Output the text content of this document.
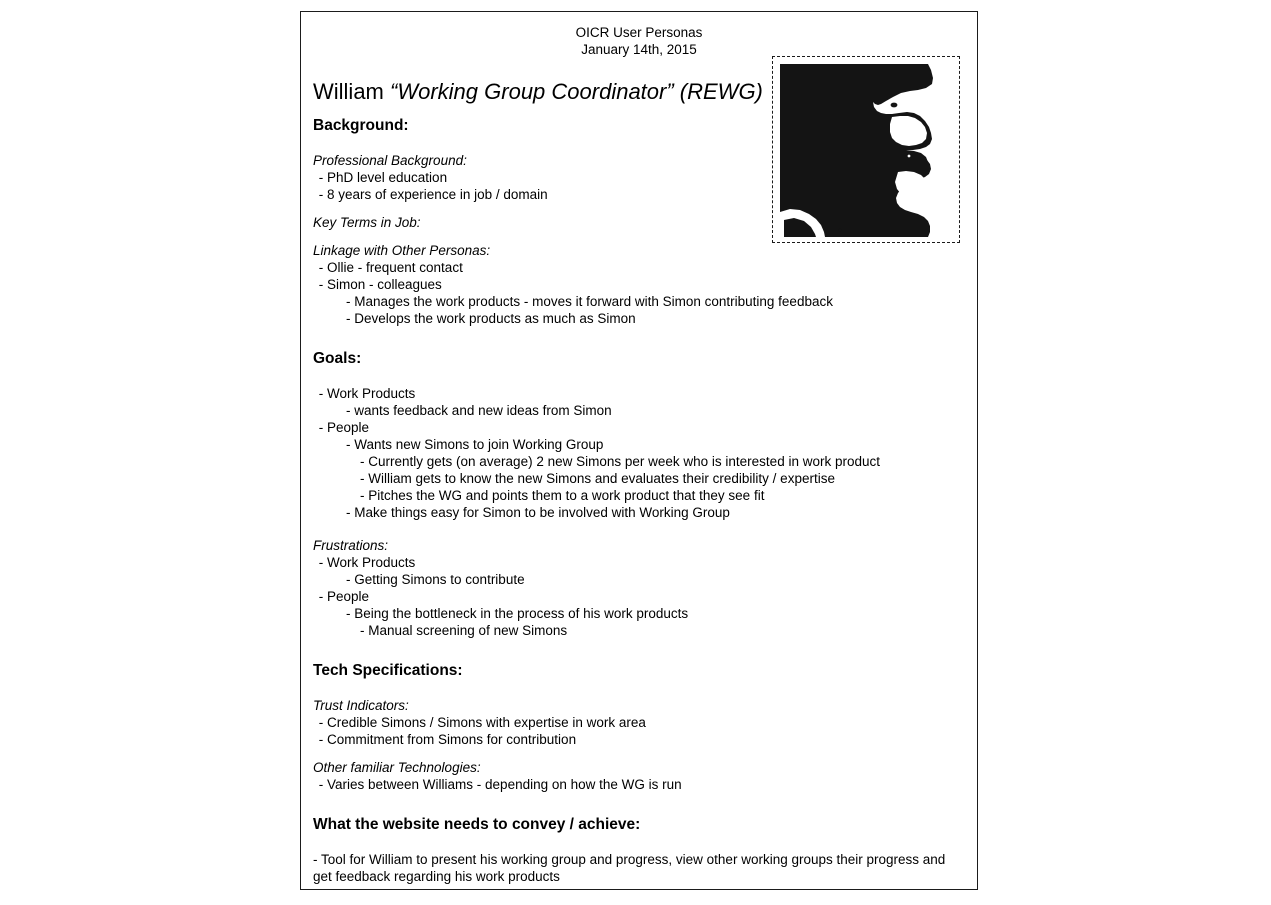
OICR User Personas
January 14th, 2015
William “Working Group Coordinator” (REWG)
Background:
Professional Background:
- PhD level education
- 8 years of experience in job / domain
Key Terms in Job:
Linkage with Other Personas:
- Ollie - frequent contact
- Simon - colleagues
- Manages the work products - moves it forward with Simon contributing feedback
- Develops the work products as much as Simon
Goals:
- Work Products
- wants feedback and new ideas from Simon
- People
- Wants new Simons to join Working Group
- Currently gets (on average) 2 new Simons per week who is interested in work product
- William gets to know the new Simons and evaluates their credibility / expertise
- Pitches the WG and points them to a work product that they see fit
- Make things easy for Simon to be involved with Working Group
Frustrations:
- Work Products
- Getting Simons to contribute
- People
- Being the bottleneck in the process of his work products
- Manual screening of new Simons
Tech Specifications:
Trust Indicators:
- Credible Simons / Simons with expertise in work area
- Commitment from Simons for contribution
Other familiar Technologies:
- Varies between Williams - depending on how the WG is run
What the website needs to convey / achieve:
- Tool for William to present his working group and progress, view other working groups their progress and get feedback regarding his work products
